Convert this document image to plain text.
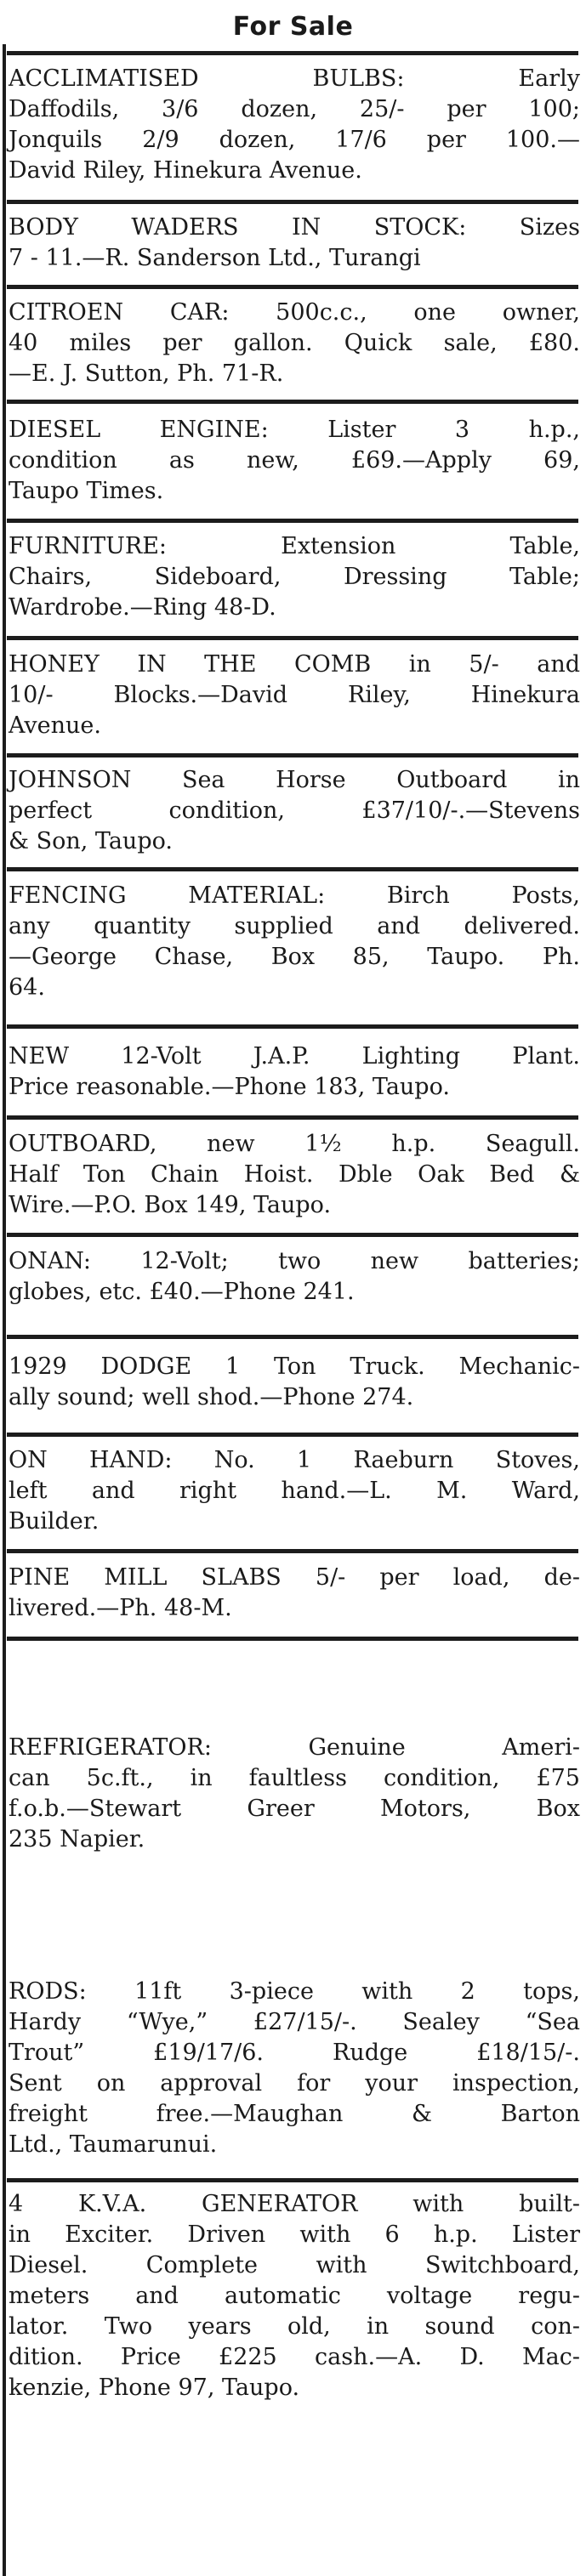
For Sale
ACCLIMATISED BULBS: Early
Daffodils, 3/6 dozen, 25/- per 100;
Jonquils 2/9 dozen, 17/6 per 100.—
David Riley, Hinekura Avenue.
BODY WADERS IN STOCK: Sizes
7 - 11.—R. Sanderson Ltd., Turangi
CITROEN CAR: 500c.c., one owner,
40 miles per gallon. Quick sale, £80.
—E. J. Sutton, Ph. 71-R.
DIESEL ENGINE: Lister 3 h.p.,
condition as new, £69.—Apply 69,
Taupo Times.
FURNITURE: Extension Table,
Chairs, Sideboard, Dressing Table;
Wardrobe.—Ring 48-D.
HONEY IN THE COMB in 5/- and
10/- Blocks.—David Riley, Hinekura
Avenue.
JOHNSON Sea Horse Outboard in
perfect condition, £37/10/-.—Stevens
& Son, Taupo.
FENCING MATERIAL: Birch Posts,
any quantity supplied and delivered.
—George Chase, Box 85, Taupo. Ph.
64.
NEW 12-Volt J.A.P. Lighting Plant.
Price reasonable.—Phone 183, Taupo.
OUTBOARD, new 1½ h.p. Seagull.
Half Ton Chain Hoist. Dble Oak Bed &
Wire.—P.O. Box 149, Taupo.
ONAN: 12-Volt; two new batteries;
globes, etc. £40.—Phone 241.
1929 DODGE 1 Ton Truck. Mechanic-
ally sound; well shod.—Phone 274.
ON HAND: No. 1 Raeburn Stoves,
left and right hand.—L. M. Ward,
Builder.
PINE MILL SLABS 5/- per load, de-
livered.—Ph. 48-M.
REFRIGERATOR: Genuine Ameri-
can 5c.ft., in faultless condition, £75
f.o.b.—Stewart Greer Motors, Box
235 Napier.
RODS: 11ft 3-piece with 2 tops,
Hardy “Wye,” £27/15/-. Sealey “Sea
Trout” £19/17/6. Rudge £18/15/-.
Sent on approval for your inspection,
freight free.—Maughan & Barton
Ltd., Taumarunui.
4 K.V.A. GENERATOR with built-
in Exciter. Driven with 6 h.p. Lister
Diesel. Complete with Switchboard,
meters and automatic voltage regu-
lator. Two years old, in sound con-
dition. Price £225 cash.—A. D. Mac-
kenzie, Phone 97, Taupo.
